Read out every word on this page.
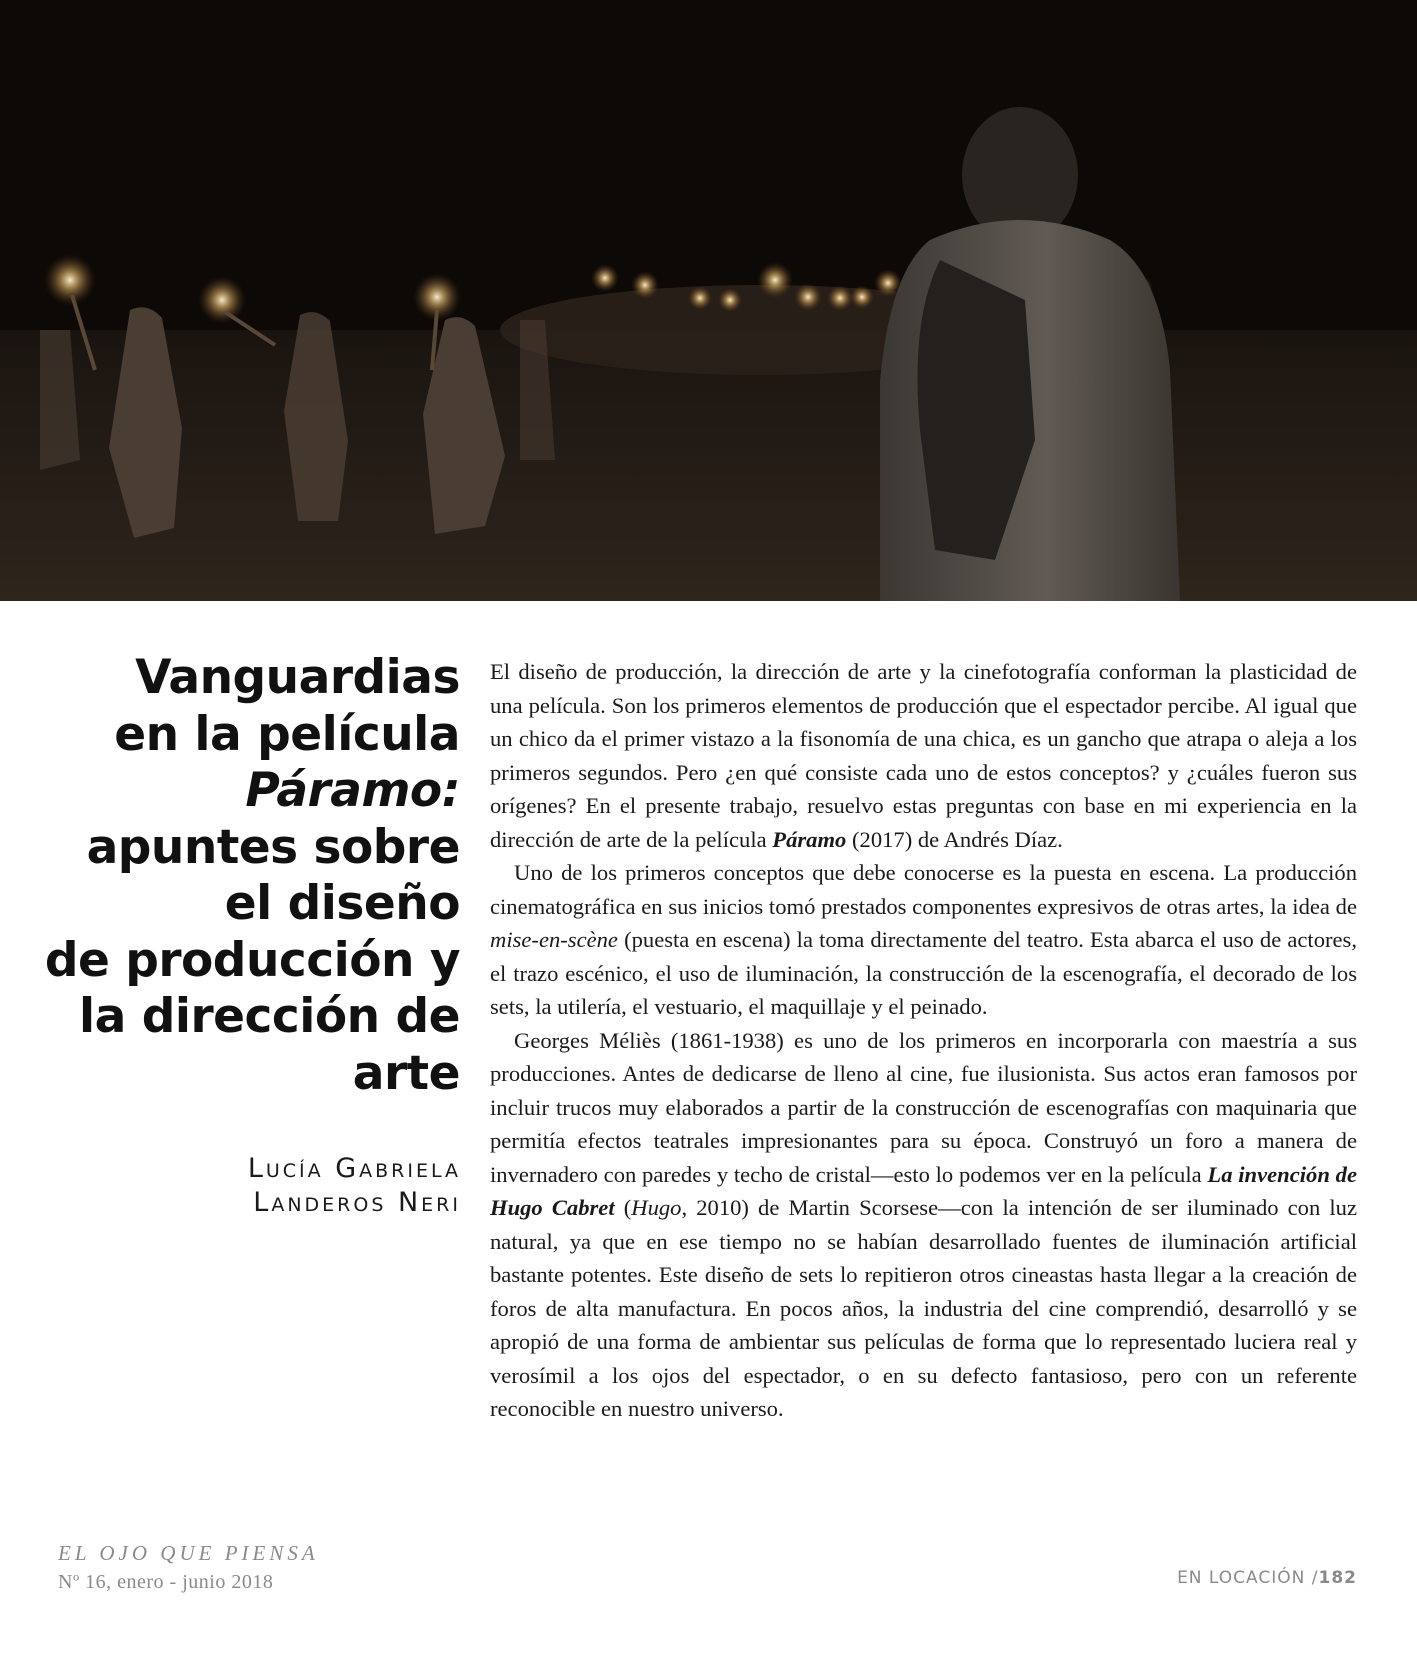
Vanguardias
en la película
Páramo:
apuntes sobre
el diseño
de producción y
la dirección de
arte
Lucía Gabriela
Landeros Neri

El diseño de producción, la dirección de arte y la cinefotografía conforman la plasticidad de una película. Son los primeros elementos de producción que el espectador percibe. Al igual que un chico da el primer vistazo a la fisonomía de una chica, es un gancho que atrapa o aleja a los primeros segundos. Pero ¿en qué consiste cada uno de estos conceptos? y ¿cuáles fueron sus orígenes? En el presente trabajo, resuelvo estas preguntas con base en mi experiencia en la dirección de arte de la película Páramo (2017) de Andrés Díaz.

Uno de los primeros conceptos que debe conocerse es la puesta en escena. La producción cinematográfica en sus inicios tomó prestados componentes expresivos de otras artes, la idea de mise-en-scène (puesta en escena) la toma directamente del teatro. Esta abarca el uso de actores, el trazo escénico, el uso de iluminación, la construcción de la escenografía, el decorado de los sets, la utilería, el vestuario, el maquillaje y el peinado.

Georges Méliès (1861-1938) es uno de los primeros en incorporarla con maestría a sus producciones. Antes de dedicarse de lleno al cine, fue ilusionista. Sus actos eran famosos por incluir trucos muy elaborados a partir de la construcción de escenografías con maquinaria que permitía efectos teatrales impresionantes para su época. Construyó un foro a manera de invernadero con paredes y techo de cristal—esto lo podemos ver en la película La invención de Hugo Cabret (Hugo, 2010) de Martin Scorsese—con la intención de ser iluminado con luz natural, ya que en ese tiempo no se habían desarrollado fuentes de iluminación artificial bastante potentes. Este diseño de sets lo repitieron otros cineastas hasta llegar a la creación de foros de alta manufactura. En pocos años, la industria del cine comprendió, desarrolló y se apropió de una forma de ambientar sus películas de forma que lo representado luciera real y verosímil a los ojos del espectador, o en su defecto fantasioso, pero con un referente reconocible en nuestro universo.

EL OJO QUE PIENSA
Nº 16, enero - junio 2018	EN LOCACIÓN /182
